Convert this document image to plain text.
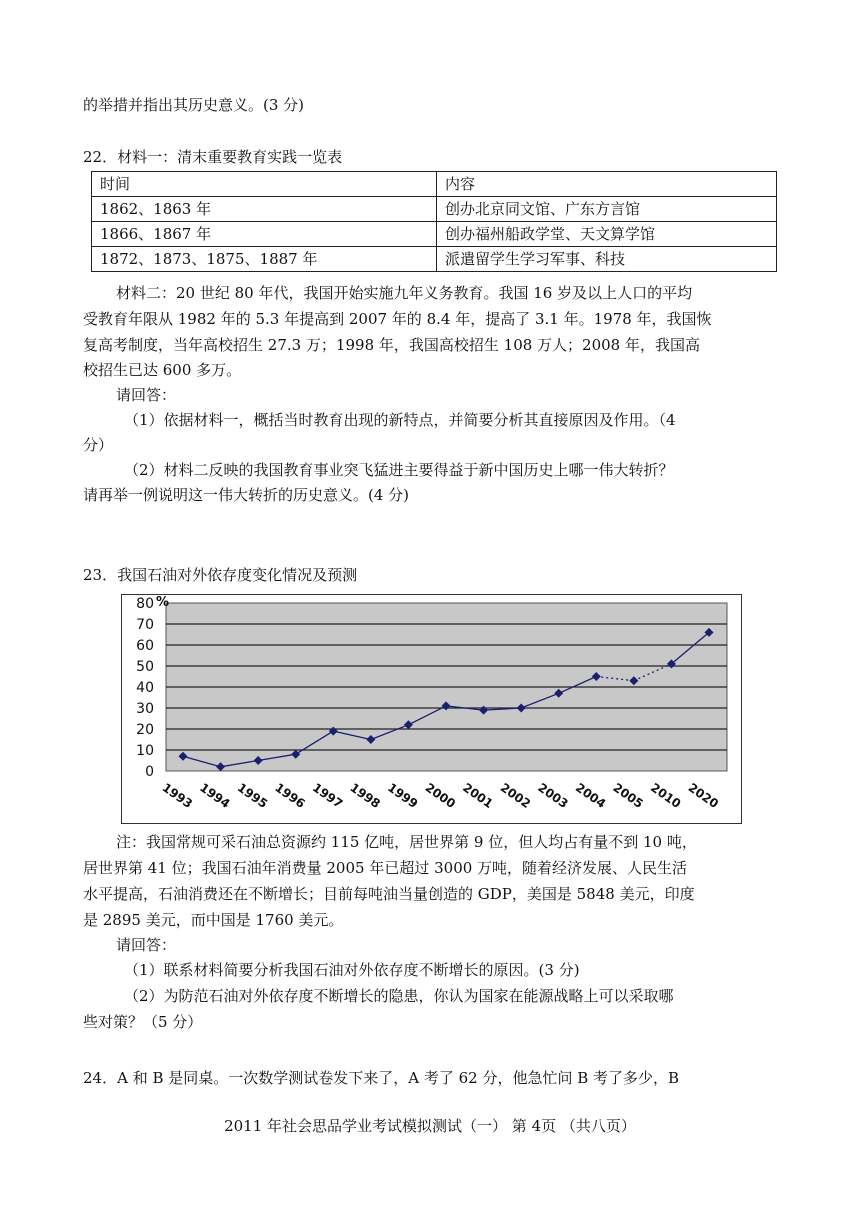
的举措并指出其历史意义。(3 分)
22．材料一：清末重要教育实践一览表
时间	内容
1862、1863 年	创办北京同文馆、广东方言馆
1866、1867 年	创办福州船政学堂、天文算学馆
1872、1873、1875、1887 年	派遣留学生学习军事、科技
材料二：20 世纪 80 年代，我国开始实施九年义务教育。我国 16 岁及以上人口的平均
受教育年限从 1982 年的 5.3 年提高到 2007 年的 8.4 年，提高了 3.1 年。1978 年，我国恢
复高考制度，当年高校招生 27.3 万；1998 年，我国高校招生 108 万人；2008 年，我国高
校招生已达 600 多万。
请回答：
（1）依据材料一，概括当时教育出现的新特点，并简要分析其直接原因及作用。（4
分）
（2）材料二反映的我国教育事业突飞猛进主要得益于新中国历史上哪一伟大转折？
请再举一例说明这一伟大转折的历史意义。(4 分)
23．我国石油对外依存度变化情况及预测
0
10
20
30
40
50
60
70
80 %
1993 1994 1995 1996 1997 1998 1999 2000 2001 2002 2003 2004 2005 2010 2020
注：我国常规可采石油总资源约 115 亿吨，居世界第 9 位，但人均占有量不到 10 吨，
居世界第 41 位；我国石油年消费量 2005 年已超过 3000 万吨，随着经济发展、人民生活
水平提高，石油消费还在不断增长；目前每吨油当量创造的 GDP，美国是 5848 美元，印度
是 2895 美元，而中国是 1760 美元。
请回答：
（1）联系材料简要分析我国石油对外依存度不断增长的原因。(3 分)
（2）为防范石油对外依存度不断增长的隐患，你认为国家在能源战略上可以采取哪
些对策？（5 分）
24．A 和 B 是同桌。一次数学测试卷发下来了，A 考了 62 分，他急忙问 B 考了多少，B
2011 年社会思品学业考试模拟测试（一） 第 4页 （共八页）
